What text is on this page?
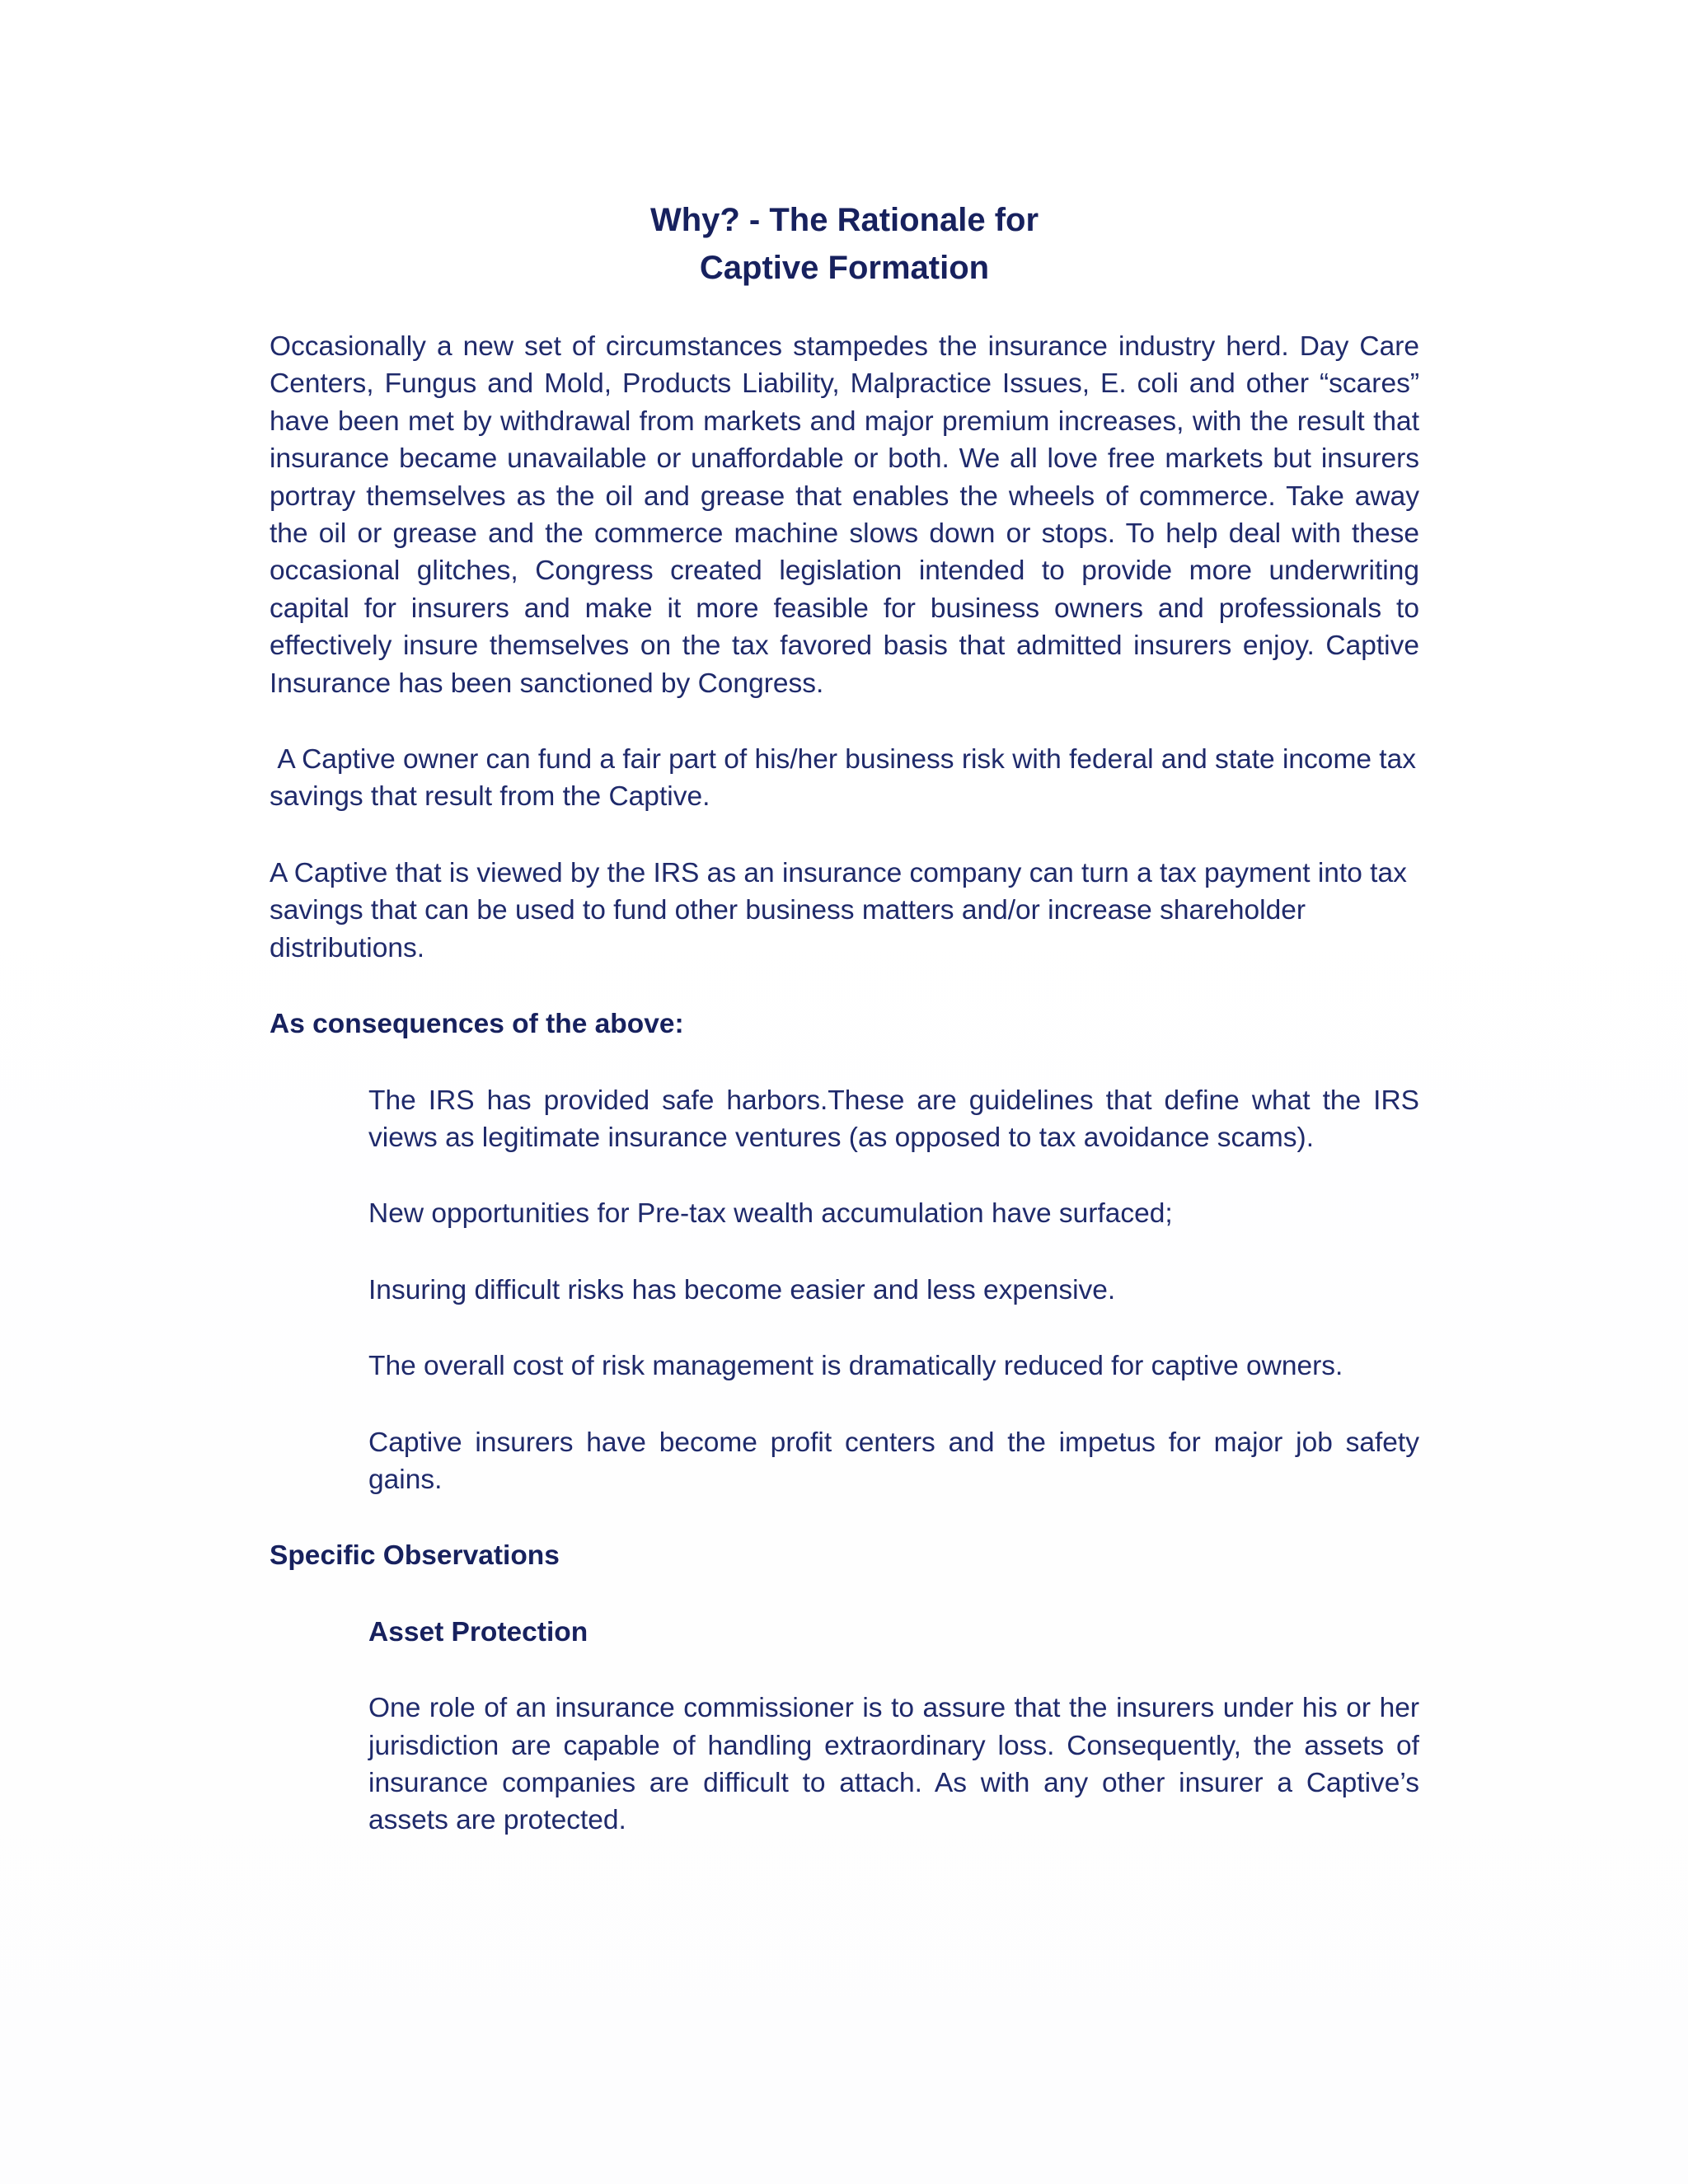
Why? - The Rationale for
Captive Formation

Occasionally a new set of circumstances stampedes the insurance industry herd. Day Care Centers, Fungus and Mold, Products Liability, Malpractice Issues, E. coli and other “scares” have been met by withdrawal from markets and major premium increases, with the result that insurance became unavailable or unaffordable or both. We all love free markets but insurers portray themselves as the oil and grease that enables the wheels of commerce. Take away the oil or grease and the commerce machine slows down or stops. To help deal with these occasional glitches, Congress created legislation intended to provide more underwriting capital for insurers and make it more feasible for business owners and professionals to effectively insure themselves on the tax favored basis that admitted insurers enjoy. Captive Insurance has been sanctioned by Congress.

A Captive owner can fund a fair part of his/her business risk with federal and state income tax savings that result from the Captive.

A Captive that is viewed by the IRS as an insurance company can turn a tax payment into tax savings that can be used to fund other business matters and/or increase shareholder distributions.

As consequences of the above:

The IRS has provided safe harbors.These are guidelines that define what the IRS views as legitimate insurance ventures (as opposed to tax avoidance scams).

New opportunities for Pre-tax wealth accumulation have surfaced;

Insuring difficult risks has become easier and less expensive.

The overall cost of risk management is dramatically reduced for captive owners.

Captive insurers have become profit centers and the impetus for major job safety gains.

Specific Observations

Asset Protection

One role of an insurance commissioner is to assure that the insurers under his or her jurisdiction are capable of handling extraordinary loss. Consequently, the assets of insurance companies are difficult to attach. As with any other insurer a Captive’s assets are protected.
